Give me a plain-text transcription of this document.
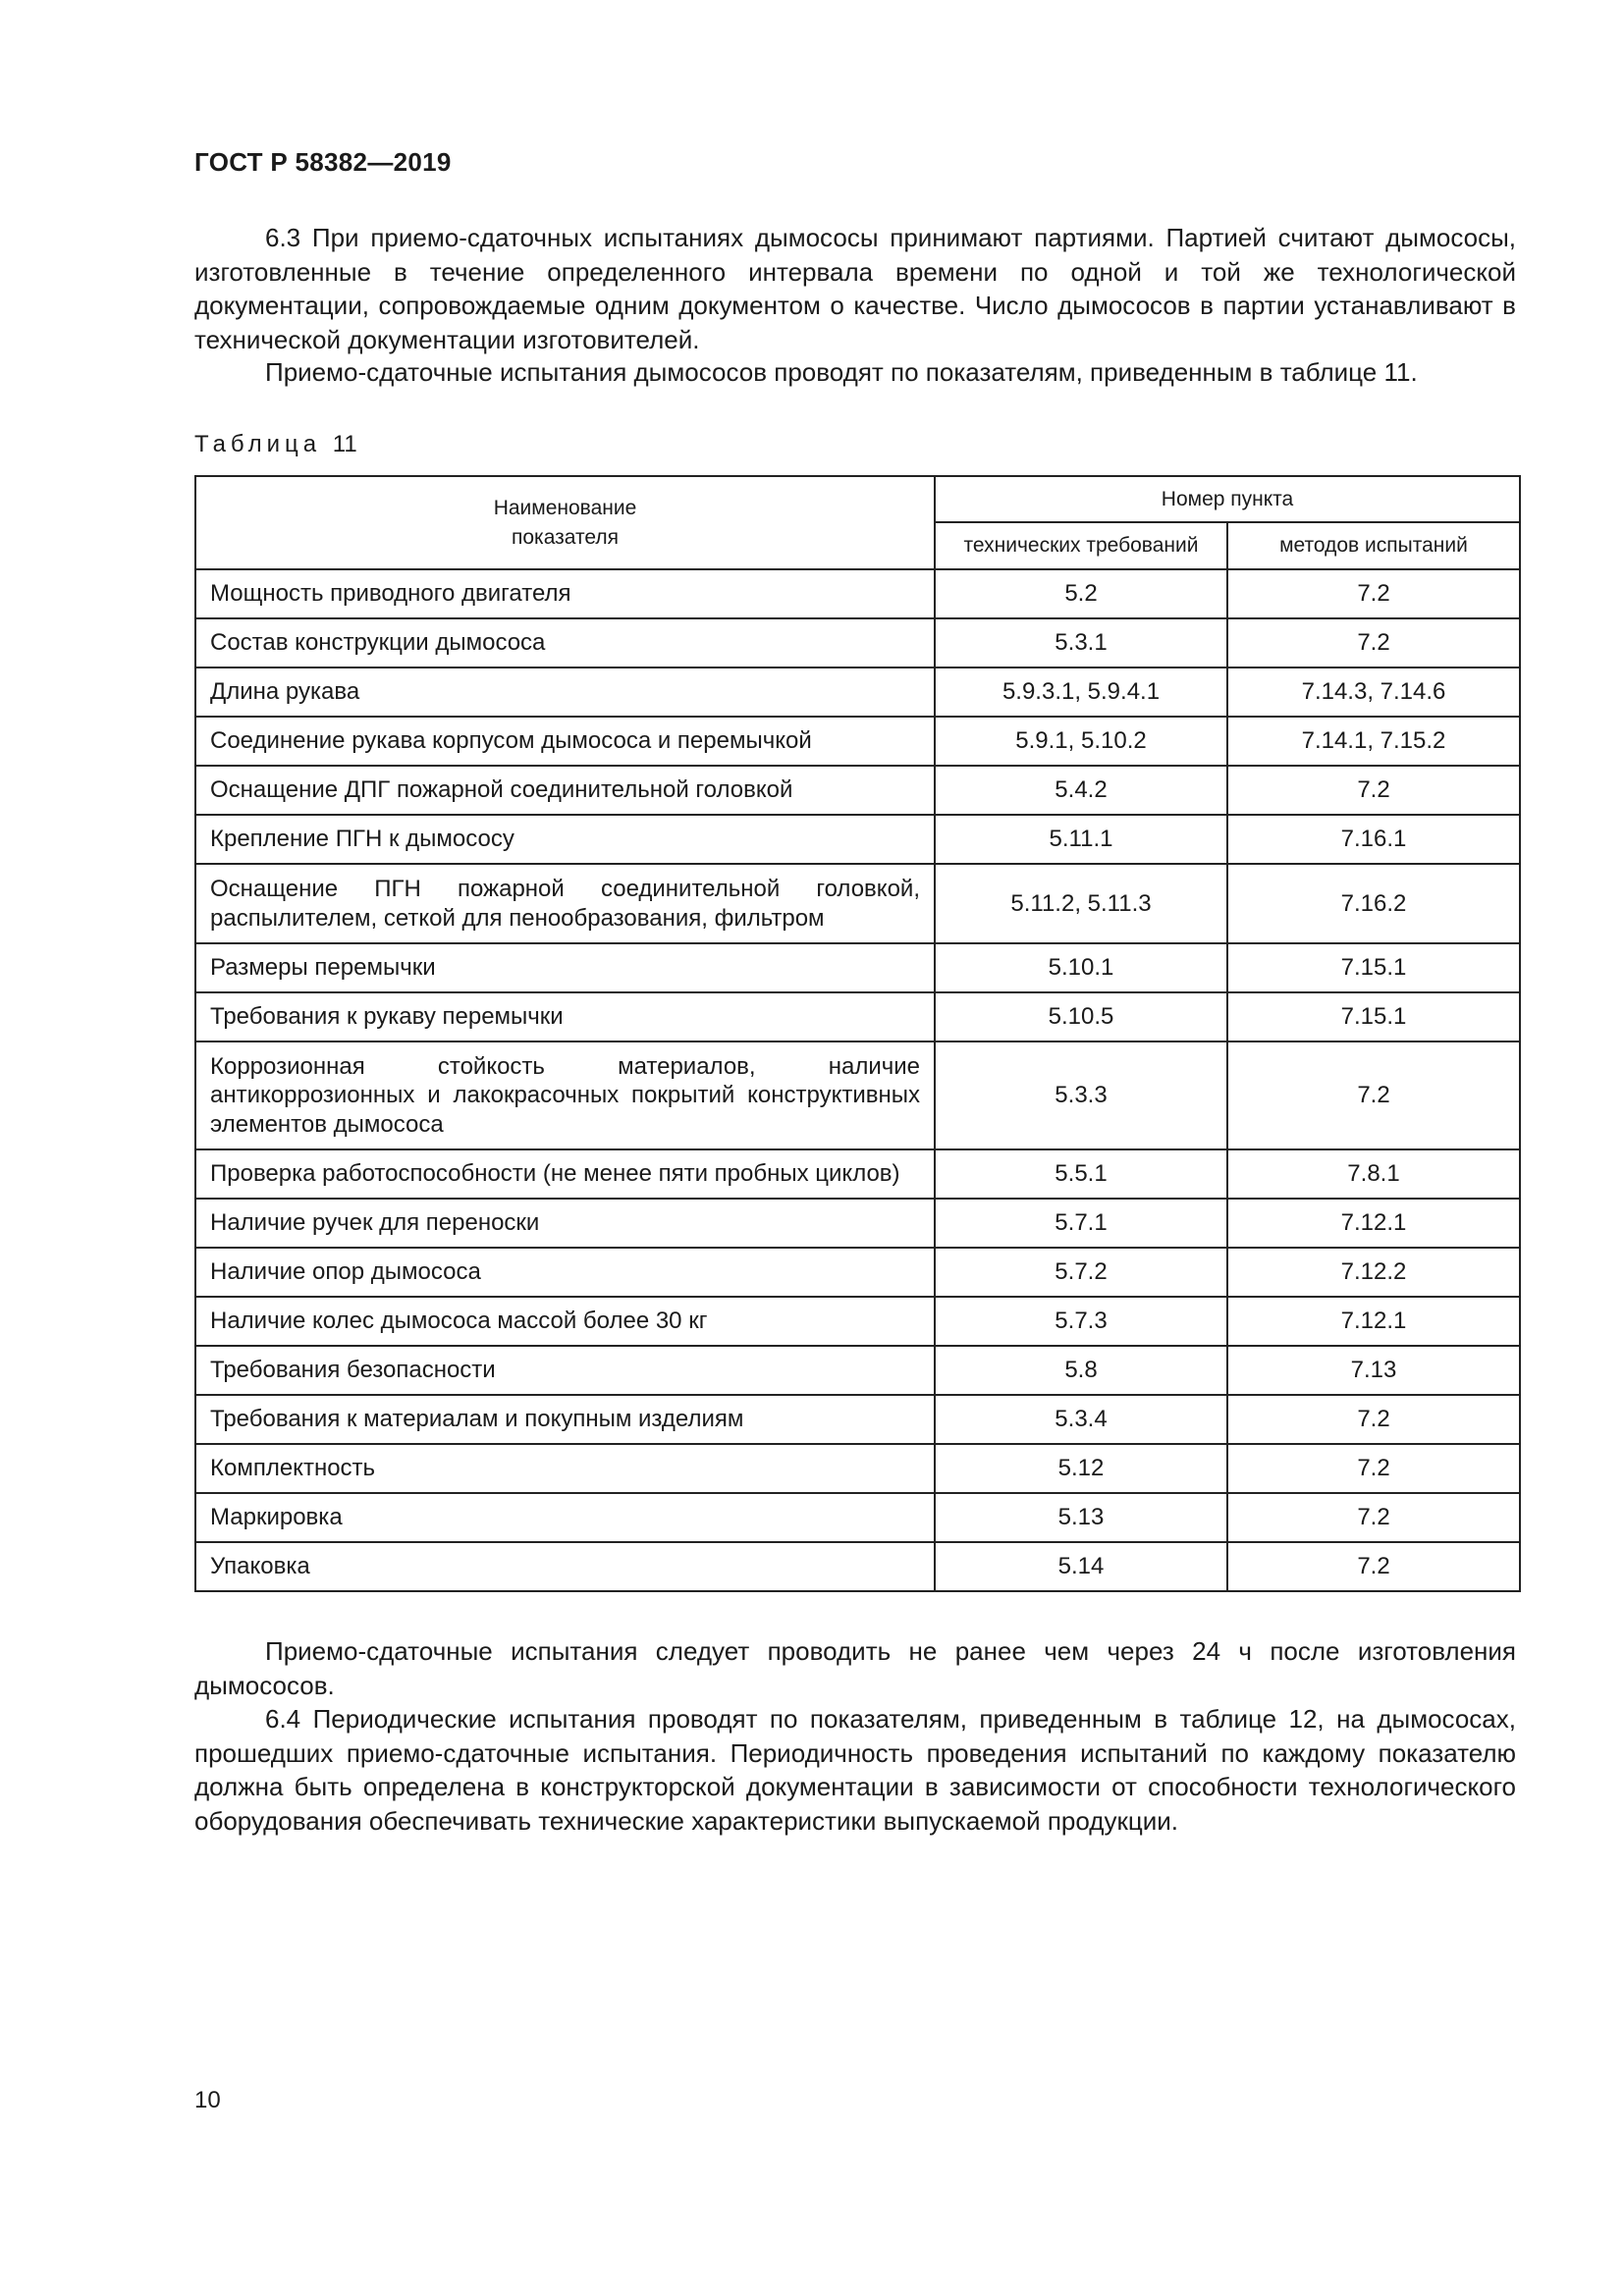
ГОСТ Р 58382—2019

6.3 При приемо-сдаточных испытаниях дымососы принимают партиями. Партией считают дымососы, изготовленные в течение определенного интервала времени по одной и той же технологической документации, сопровождаемые одним документом о качестве. Число дымососов в партии устанавливают в технической документации изготовителей.

Приемо-сдаточные испытания дымососов проводят по показателям, приведенным в таблице 11.

Таблица 11
Наименование
показателя	Номер пункта	
	технических требований	методов испытаний
Мощность приводного двигателя	5.2	7.2
Состав конструкции дымососа	5.3.1	7.2
Длина рукава	5.9.3.1, 5.9.4.1	7.14.3, 7.14.6
Соединение рукава корпусом дымососа и перемычкой	5.9.1, 5.10.2	7.14.1, 7.15.2
Оснащение ДПГ пожарной соединительной головкой	5.4.2	7.2
Крепление ПГН к дымососу	5.11.1	7.16.1
Оснащение ПГН пожарной соединительной головкой, распылителем, сеткой для пенообразования, фильтром	5.11.2, 5.11.3	7.16.2
Размеры перемычки	5.10.1	7.15.1
Требования к рукаву перемычки	5.10.5	7.15.1
Коррозионная стойкость материалов, наличие антикоррозионных и лакокрасочных покрытий конструктивных элементов дымососа	5.3.3	7.2
Проверка работоспособности (не менее пяти пробных циклов)	5.5.1	7.8.1
Наличие ручек для переноски	5.7.1	7.12.1
Наличие опор дымососа	5.7.2	7.12.2
Наличие колес дымососа массой более 30 кг	5.7.3	7.12.1
Требования безопасности	5.8	7.13
Требования к материалам и покупным изделиям	5.3.4	7.2
Комплектность	5.12	7.2
Маркировка	5.13	7.2
Упаковка	5.14	7.2

Приемо-сдаточные испытания следует проводить не ранее чем через 24 ч после изготовления дымососов.

6.4 Периодические испытания проводят по показателям, приведенным в таблице 12, на дымососах, прошедших приемо-сдаточные испытания. Периодичность проведения испытаний по каждому показателю должна быть определена в конструкторской документации в зависимости от способности технологического оборудования обеспечивать технические характеристики выпускаемой продукции.

10
